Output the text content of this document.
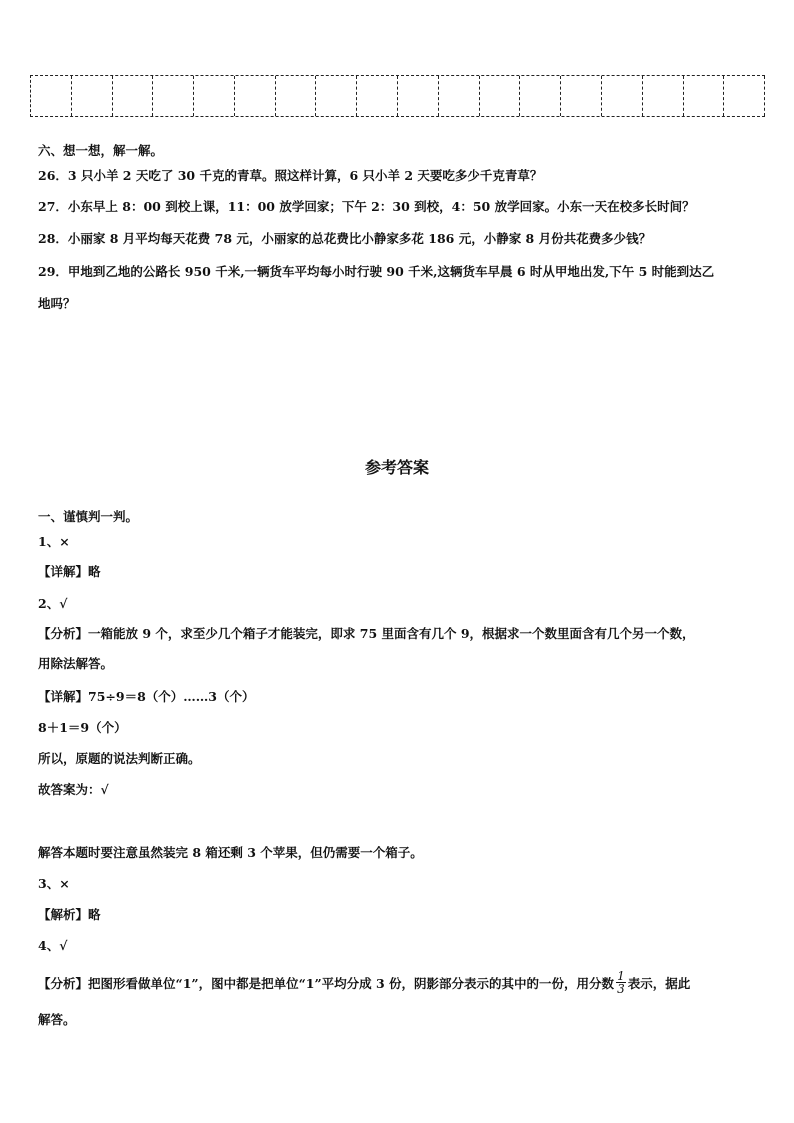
六、想一想，解一解。
26．3 只小羊 2 天吃了 30 千克的青草。照这样计算，6 只小羊 2 天要吃多少千克青草？
27．小东早上 8：00 到校上课，11：00 放学回家；下午 2：30 到校，4：50 放学回家。小东一天在校多长时间？
28．小丽家 8 月平均每天花费 78 元，小丽家的总花费比小静家多花 186 元，小静家 8 月份共花费多少钱？
29．甲地到乙地的公路长 950 千米,一辆货车平均每小时行驶 90 千米,这辆货车早晨 6 时从甲地出发,下午 5 时能到达乙
地吗？
参考答案
一、谨慎判一判。
1、×
【详解】略
2、√
【分析】一箱能放 9 个，求至少几个箱子才能装完，即求 75 里面含有几个 9，根据求一个数里面含有几个另一个数，
用除法解答。
【详解】75÷9＝8（个）……3（个）
8＋1＝9（个）
所以，原题的说法判断正确。
故答案为：√
解答本题时要注意虽然装完 8 箱还剩 3 个苹果，但仍需要一个箱子。
3、×
【解析】略
4、√
【分析】把图形看做单位“1”，图中都是把单位“1”平均分成 3 份，阴影部分表示的其中的一份，用分数 $\frac{1}{3}$ 表示，据此
解答。
